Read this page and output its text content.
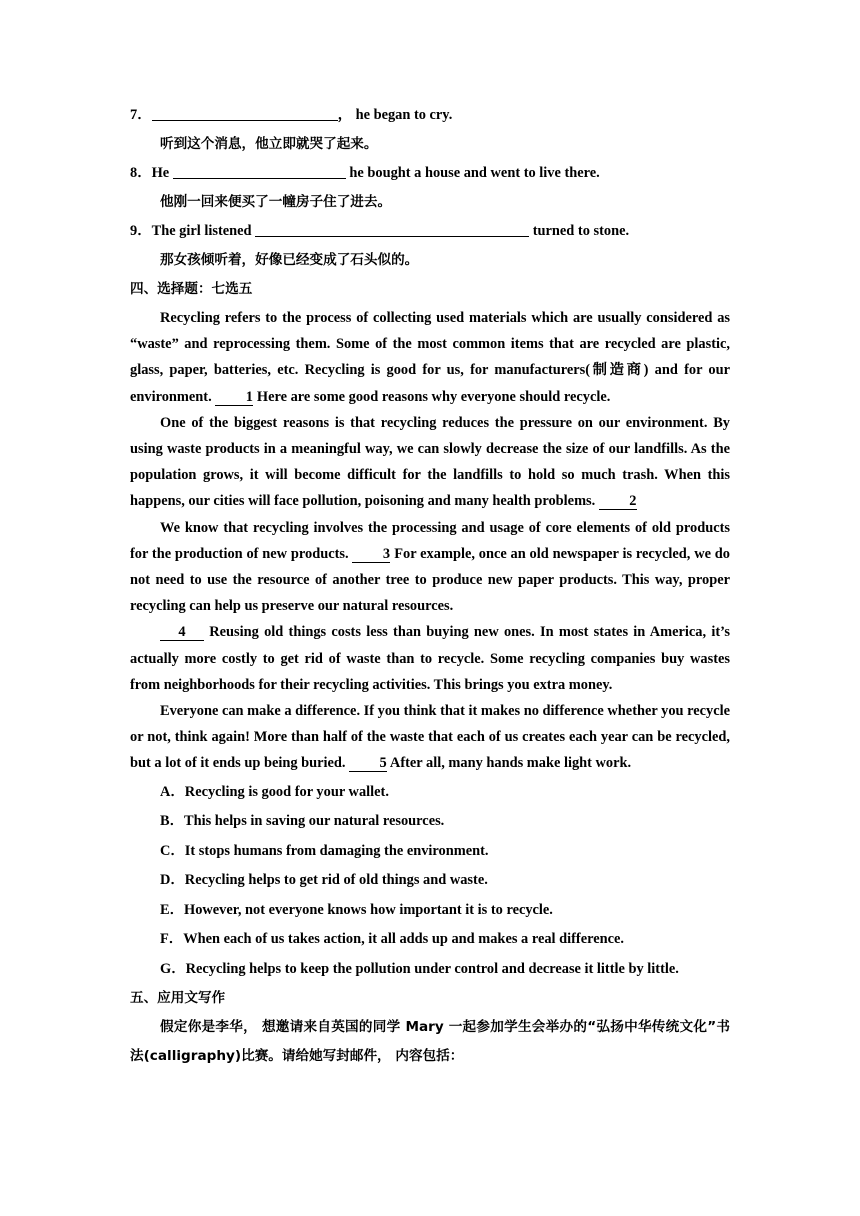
7．	， he began to cry.

听到这个消息，他立即就哭了起来。

8．He	he bought a house and went to live there.

他刚一回来便买了一幢房子住了进去。

9．The girl listened	turned to stone.

那女孩倾听着，好像已经变成了石头似的。

四、选择题：七选五

Recycling refers to the process of collecting used materials which are usually considered as “waste” and reprocessing them. Some of the most common items that are recycled are plastic, glass, paper, batteries, etc. Recycling is good for us, for manufacturers(制造商) and for our environment. 1 Here are some good reasons why everyone should recycle.

One of the biggest reasons is that recycling reduces the pressure on our environment. By using waste products in a meaningful way, we can slowly decrease the size of our landfills. As the population grows, it will become difficult for the landfills to hold so much trash. When this happens, our cities will face pollution, poisoning and many health problems. 2

We know that recycling involves the processing and usage of core elements of old products for the production of new products. 3 For example, once an old newspaper is recycled, we do not need to use the resource of another tree to produce new paper products. This way, proper recycling can help us preserve our natural resources.

4 Reusing old things costs less than buying new ones. In most states in America, it’s actually more costly to get rid of waste than to recycle. Some recycling companies buy wastes from neighborhoods for their recycling activities. This brings you extra money.

Everyone can make a difference. If you think that it makes no difference whether you recycle or not, think again! More than half of the waste that each of us creates each year can be recycled, but a lot of it ends up being buried. 5 After all, many hands make light work.

A．Recycling is good for your wallet.

B．This helps in saving our natural resources.

C．It stops humans from damaging the environment.

D．Recycling helps to get rid of old things and waste.

E．However, not everyone knows how important it is to recycle.

F．When each of us takes action, it all adds up and makes a real difference.

G．Recycling helps to keep the pollution under control and decrease it little by little.

五、应用文写作

假定你是李华， 想邀请来自英国的同学 Mary 一起参加学生会举办的“弘扬中华传统文化”书法(calligraphy)比赛。请给她写封邮件， 内容包括：
